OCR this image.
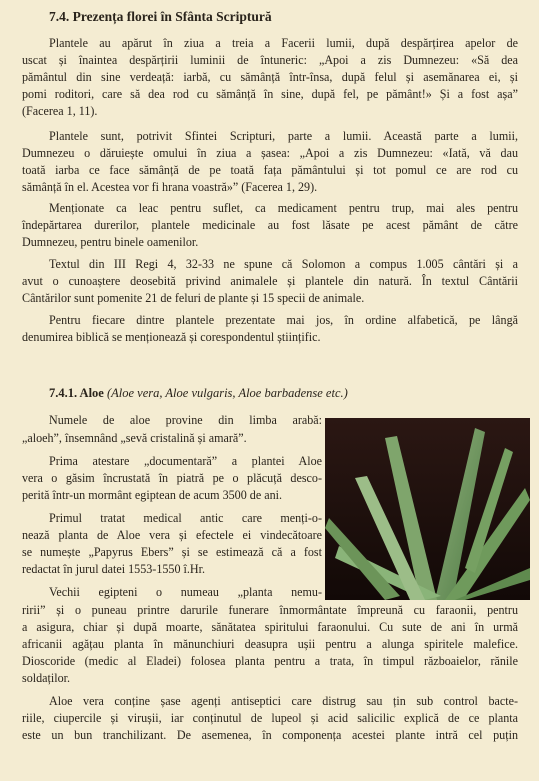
7.4. Prezența florei în Sfânta Scriptură
Plantele au apărut în ziua a treia a Facerii lumii, după despărțirea apelor de
uscat și înaintea despărțirii luminii de întuneric: „Apoi a zis Dumnezeu: «Să dea
pământul din sine verdeață: iarbă, cu sămânță într-însa, după felul și asemănarea ei, și
pomi roditori, care să dea rod cu sămânță în sine, după fel, pe pământ!» Și a fost așa”
(Facerea 1, 11).
Plantele sunt, potrivit Sfintei Scripturi, parte a lumii. Această parte a lumii,
Dumnezeu o dăruiește omului în ziua a șasea: „Apoi a zis Dumnezeu: «Iată, vă dau
toată iarba ce face sămânță de pe toată fața pământului și tot pomul ce are rod cu
sămânță în el. Acestea vor fi hrana voastră»” (Facerea 1, 29).
Menționate ca leac pentru suflet, ca medicament pentru trup, mai ales pentru
îndepărtarea durerilor, plantele medicinale au fost lăsate pe acest pământ de către
Dumnezeu, pentru binele oamenilor.
Textul din III Regi 4, 32-33 ne spune că Solomon a compus 1.005 cântări și a
avut o cunoaștere deosebită privind animalele și plantele din natură. În textul Cântării
Cântărilor sunt pomenite 21 de feluri de plante și 15 specii de animale.
Pentru fiecare dintre plantele prezentate mai jos, în ordine alfabetică, pe lângă
denumirea biblică se menționează și corespondentul științific.
7.4.1. Aloe (Aloe vera, Aloe vulgaris, Aloe barbadense etc.)
Numele de aloe provine din limba arabă:
„aloeh”, însemnând „sevă cristalină și amară”.
Prima atestare „documentară” a plantei Aloe
vera o găsim încrustată în piatră pe o plăcuță desco-
perită într-un mormânt egiptean de acum 3500 de ani.
Primul tratat medical antic care menți-o-
nează planta de Aloe vera și efectele ei vindecătoare
se numește „Papyrus Ebers” și se estimează că a fost
redactat în jurul datei 1553-1550 î.Hr.
Vechii egipteni o numeau „planta nemu-
ririi” și o puneau printre darurile funerare înmormântate împreună cu faraonii, pentru
a asigura, chiar și după moarte, sănătatea spiritului faraonului. Cu sute de ani în urmă
africanii agățau planta în mănunchiuri deasupra ușii pentru a alunga spiritele malefice.
Dioscoride (medic al Eladei) folosea planta pentru a trata, în timpul războaielor, rănile
soldaților.
Aloe vera conține șase agenți antiseptici care distrug sau țin sub control bacte-
riile, ciupercile și virușii, iar conținutul de lupeol și acid salicilic explică de ce planta
este un bun tranchilizant. De asemenea, în componența acestei plante intră cel puțin
